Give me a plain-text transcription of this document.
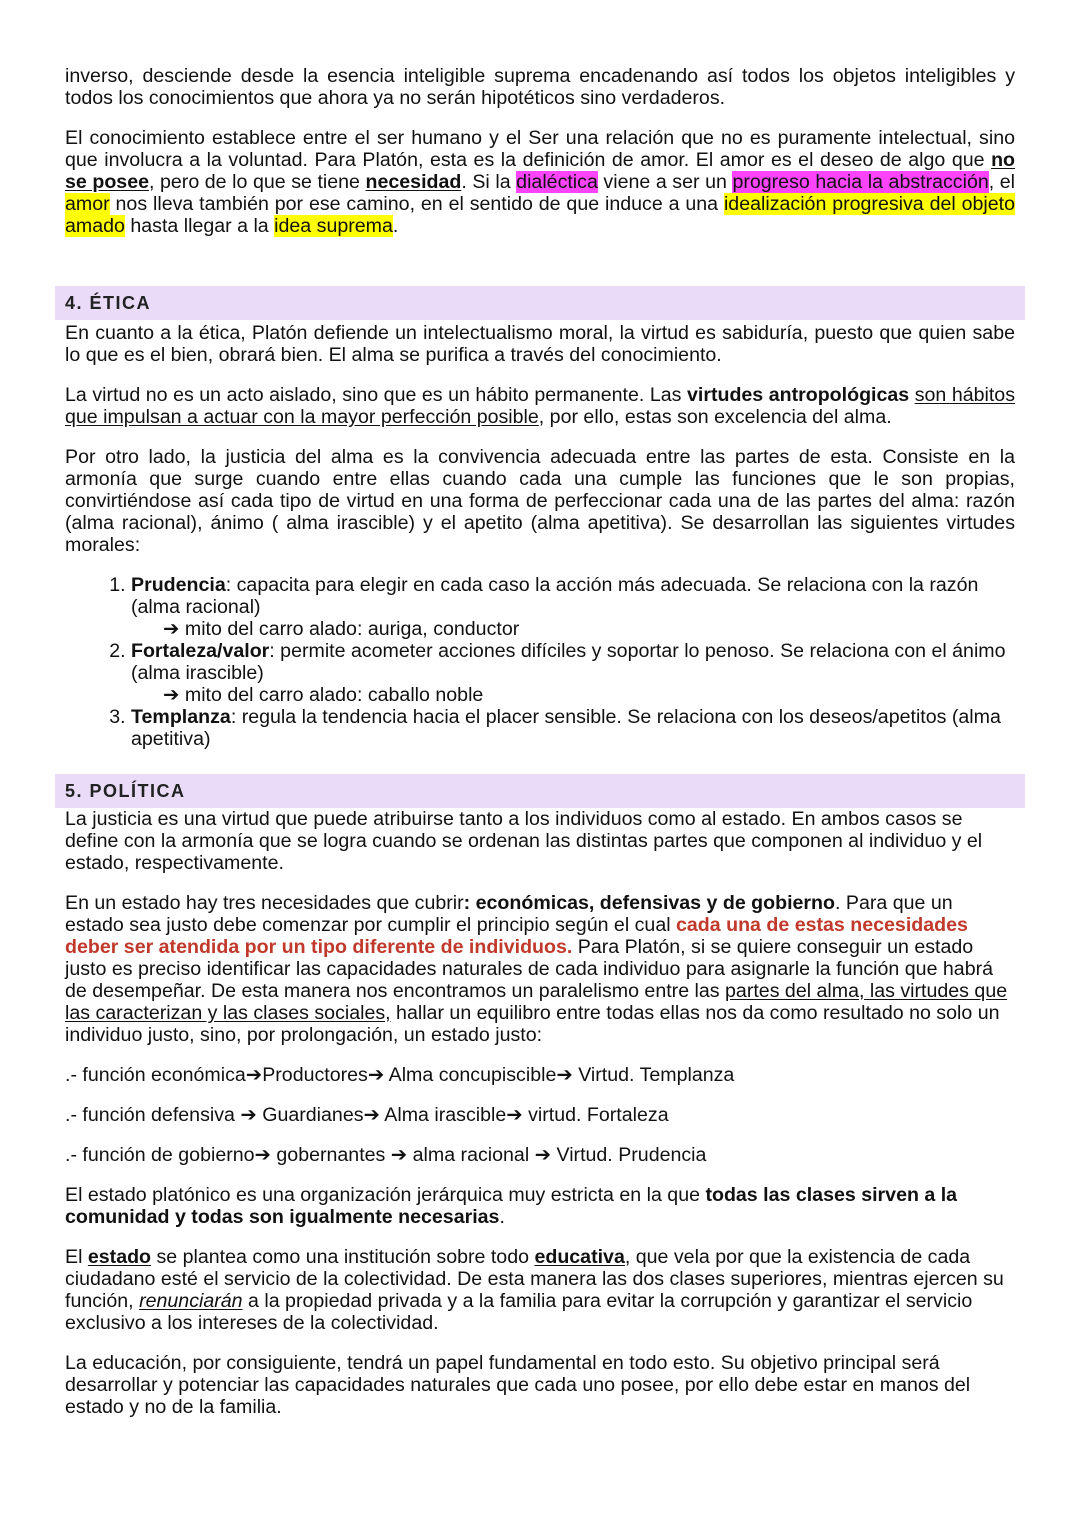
inverso, desciende desde la esencia inteligible suprema encadenando así todos los objetos inteligibles y todos los conocimientos que ahora ya no serán hipotéticos sino verdaderos.

El conocimiento establece entre el ser humano y el Ser una relación que no es puramente intelectual, sino que involucra a la voluntad. Para Platón, esta es la definición de amor. El amor es el deseo de algo que no se posee, pero de lo que se tiene necesidad. Si la dialéctica viene a ser un progreso hacia la abstracción, el amor nos lleva también por ese camino, en el sentido de que induce a una idealización progresiva del objeto amado hasta llegar a la idea suprema.

4. ÉTICA

En cuanto a la ética, Platón defiende un intelectualismo moral, la virtud es sabiduría, puesto que quien sabe lo que es el bien, obrará bien. El alma se purifica a través del conocimiento.

La virtud no es un acto aislado, sino que es un hábito permanente. Las virtudes antropológicas son hábitos que impulsan a actuar con la mayor perfección posible, por ello, estas son excelencia del alma.

Por otro lado, la justicia del alma es la convivencia adecuada entre las partes de esta. Consiste en la armonía que surge cuando entre ellas cuando cada una cumple las funciones que le son propias, convirtiéndose así cada tipo de virtud en una forma de perfeccionar cada una de las partes del alma: razón (alma racional), ánimo ( alma irascible) y el apetito (alma apetitiva). Se desarrollan las siguientes virtudes morales:

1. Prudencia: capacita para elegir en cada caso la acción más adecuada. Se relaciona con la razón (alma racional)
➔ mito del carro alado: auriga, conductor
2. Fortaleza/valor: permite acometer acciones difíciles y soportar lo penoso. Se relaciona con el ánimo (alma irascible)
➔ mito del carro alado: caballo noble
3. Templanza: regula la tendencia hacia el placer sensible. Se relaciona con los deseos/apetitos (alma apetitiva)
5. POLÍTICA

La justicia es una virtud que puede atribuirse tanto a los individuos como al estado. En ambos casos se define con la armonía que se logra cuando se ordenan las distintas partes que componen al individuo y el estado, respectivamente.

En un estado hay tres necesidades que cubrir: económicas, defensivas y de gobierno. Para que un estado sea justo debe comenzar por cumplir el principio según el cual cada una de estas necesidades deber ser atendida por un tipo diferente de individuos. Para Platón, si se quiere conseguir un estado justo es preciso identificar las capacidades naturales de cada individuo para asignarle la función que habrá de desempeñar. De esta manera nos encontramos un paralelismo entre las partes del alma, las virtudes que las caracterizan y las clases sociales, hallar un equilibro entre todas ellas nos da como resultado no solo un individuo justo, sino, por prolongación, un estado justo:

.- función económica➔Productores➔ Alma concupiscible➔ Virtud. Templanza

.- función defensiva ➔ Guardianes➔ Alma irascible➔ virtud. Fortaleza

.- función de gobierno➔ gobernantes ➔ alma racional ➔ Virtud. Prudencia

El estado platónico es una organización jerárquica muy estricta en la que todas las clases sirven a la comunidad y todas son igualmente necesarias.

El estado se plantea como una institución sobre todo educativa, que vela por que la existencia de cada ciudadano esté el servicio de la colectividad. De esta manera las dos clases superiores, mientras ejercen su función, renunciarán a la propiedad privada y a la familia para evitar la corrupción y garantizar el servicio exclusivo a los intereses de la colectividad.

La educación, por consiguiente, tendrá un papel fundamental en todo esto. Su objetivo principal será desarrollar y potenciar las capacidades naturales que cada uno posee, por ello debe estar en manos del estado y no de la familia.
